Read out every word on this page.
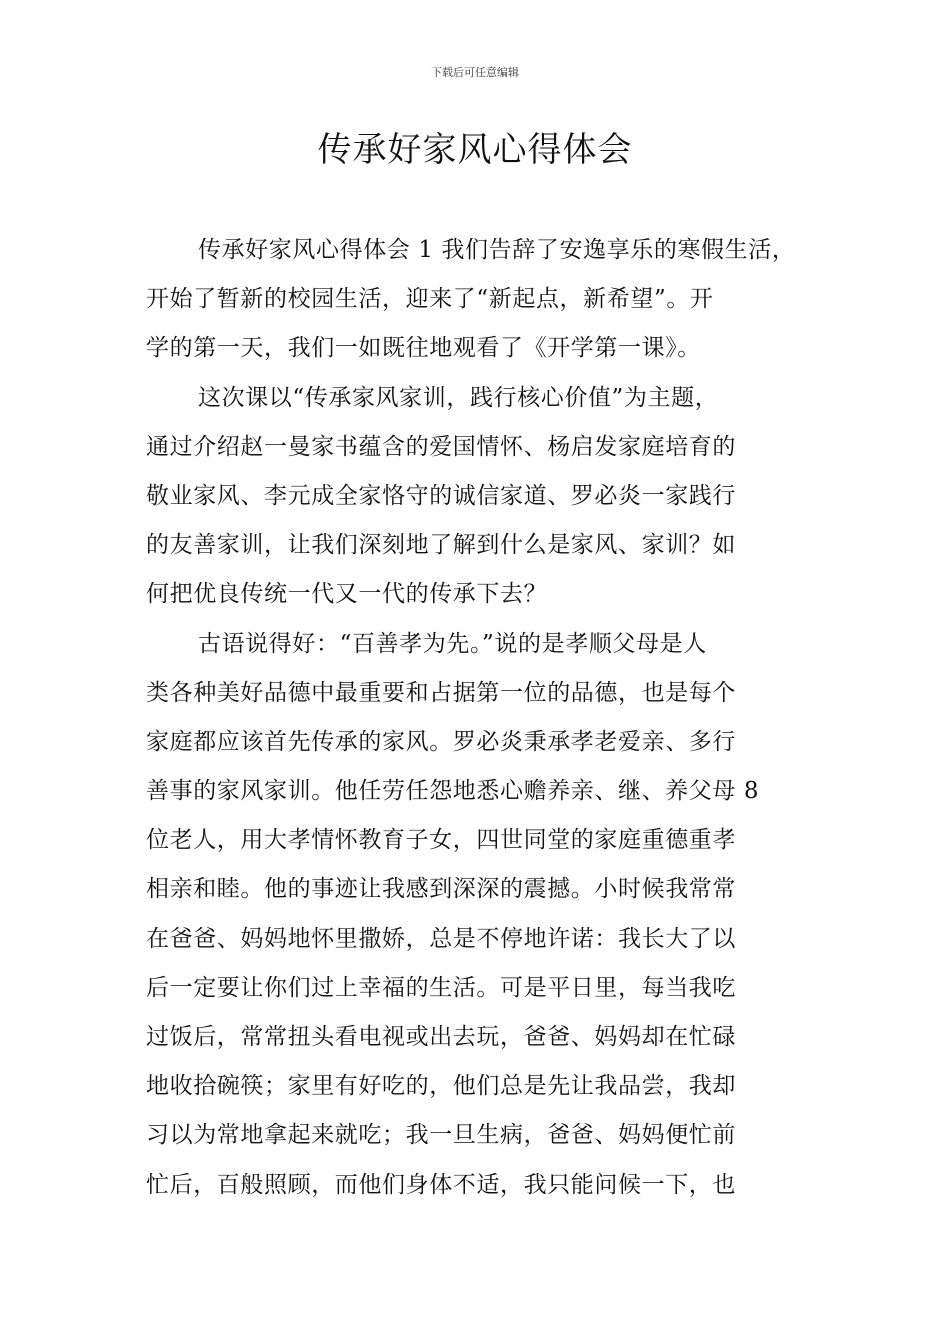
下载后可任意编辑
传承好家风心得体会
传承好家风心得体会 1 我们告辞了安逸享乐的寒假生活，
开始了暂新的校园生活，迎来了“新起点，新希望”。开
学的第一天，我们一如既往地观看了《开学第一课》。
这次课以“传承家风家训，践行核心价值”为主题，
通过介绍赵一曼家书蕴含的爱国情怀、杨启发家庭培育的
敬业家风、李元成全家恪守的诚信家道、罗必炎一家践行
的友善家训，让我们深刻地了解到什么是家风、家训？如
何把优良传统一代又一代的传承下去？
古语说得好：“百善孝为先。”说的是孝顺父母是人
类各种美好品德中最重要和占据第一位的品德，也是每个
家庭都应该首先传承的家风。罗必炎秉承孝老爱亲、多行
善事的家风家训。他任劳任怨地悉心赡养亲、继、养父母 8
位老人，用大孝情怀教育子女，四世同堂的家庭重德重孝
相亲和睦。他的事迹让我感到深深的震撼。小时候我常常
在爸爸、妈妈地怀里撒娇，总是不停地许诺：我长大了以
后一定要让你们过上幸福的生活。可是平日里，每当我吃
过饭后，常常扭头看电视或出去玩，爸爸、妈妈却在忙碌
地收拾碗筷；家里有好吃的，他们总是先让我品尝，我却
习以为常地拿起来就吃；我一旦生病，爸爸、妈妈便忙前
忙后，百般照顾，而他们身体不适，我只能问候一下，也
